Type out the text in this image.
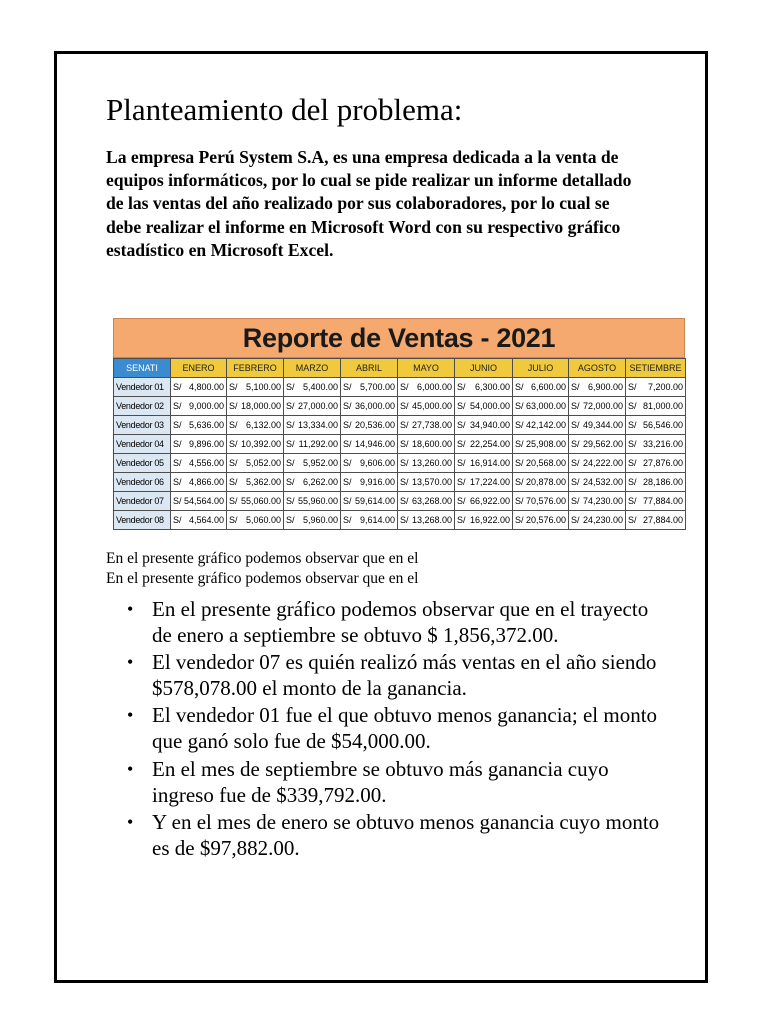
Planteamiento del problema:

La empresa Perú System S.A, es una empresa dedicada a la venta de equipos informáticos, por lo cual se pide realizar un informe detallado de las ventas del año realizado por sus colaboradores, por lo cual se debe realizar el informe en Microsoft Word con su respectivo gráfico estadístico en Microsoft Excel.

Reporte de Ventas - 2021
SENATI	ENERO	FEBRERO	MARZO	ABRIL	MAYO	JUNIO	JULIO	AGOSTO	SETIEMBRE
Vendedor 01	S/ 4,800.00	S/ 5,100.00	S/ 5,400.00	S/ 5,700.00	S/ 6,000.00	S/ 6,300.00	S/ 6,600.00	S/ 6,900.00	S/ 7,200.00

Vendedor 02	S/ 9,000.00	S/ 18,000.00	S/ 27,000.00	S/ 36,000.00	S/ 45,000.00	S/ 54,000.00	S/ 63,000.00	S/ 72,000.00	S/ 81,000.00

Vendedor 03	S/ 5,636.00	S/ 6,132.00	S/ 13,334.00	S/ 20,536.00	S/ 27,738.00	S/ 34,940.00	S/ 42,142.00	S/ 49,344.00	S/ 56,546.00

Vendedor 04	S/ 9,896.00	S/ 10,392.00	S/ 11,292.00	S/ 14,946.00	S/ 18,600.00	S/ 22,254.00	S/ 25,908.00	S/ 29,562.00	S/ 33,216.00

Vendedor 05	S/ 4,556.00	S/ 5,052.00	S/ 5,952.00	S/ 9,606.00	S/ 13,260.00	S/ 16,914.00	S/ 20,568.00	S/ 24,222.00	S/ 27,876.00

Vendedor 06	S/ 4,866.00	S/ 5,362.00	S/ 6,262.00	S/ 9,916.00	S/ 13,570.00	S/ 17,224.00	S/ 20,878.00	S/ 24,532.00	S/ 28,186.00

Vendedor 07	S/ 54,564.00	S/ 55,060.00	S/ 55,960.00	S/ 59,614.00	S/ 63,268.00	S/ 66,922.00	S/ 70,576.00	S/ 74,230.00	S/ 77,884.00

Vendedor 08	S/ 4,564.00	S/ 5,060.00	S/ 5,960.00	S/ 9,614.00	S/ 13,268.00	S/ 16,922.00	S/ 20,576.00	S/ 24,230.00	S/ 27,884.00

En el presente gráfico podemos observar que en el

En el presente gráfico podemos observar que en el

• En el presente gráfico podemos observar que en el trayecto de enero a septiembre se obtuvo $ 1,856,372.00.
• El vendedor 07 es quién realizó más ventas en el año siendo $578,078.00 el monto de la ganancia.
• El vendedor 01 fue el que obtuvo menos ganancia; el monto que ganó solo fue de $54,000.00.
• En el mes de septiembre se obtuvo más ganancia cuyo ingreso fue de $339,792.00.
• Y en el mes de enero se obtuvo menos ganancia cuyo monto es de $97,882.00.
